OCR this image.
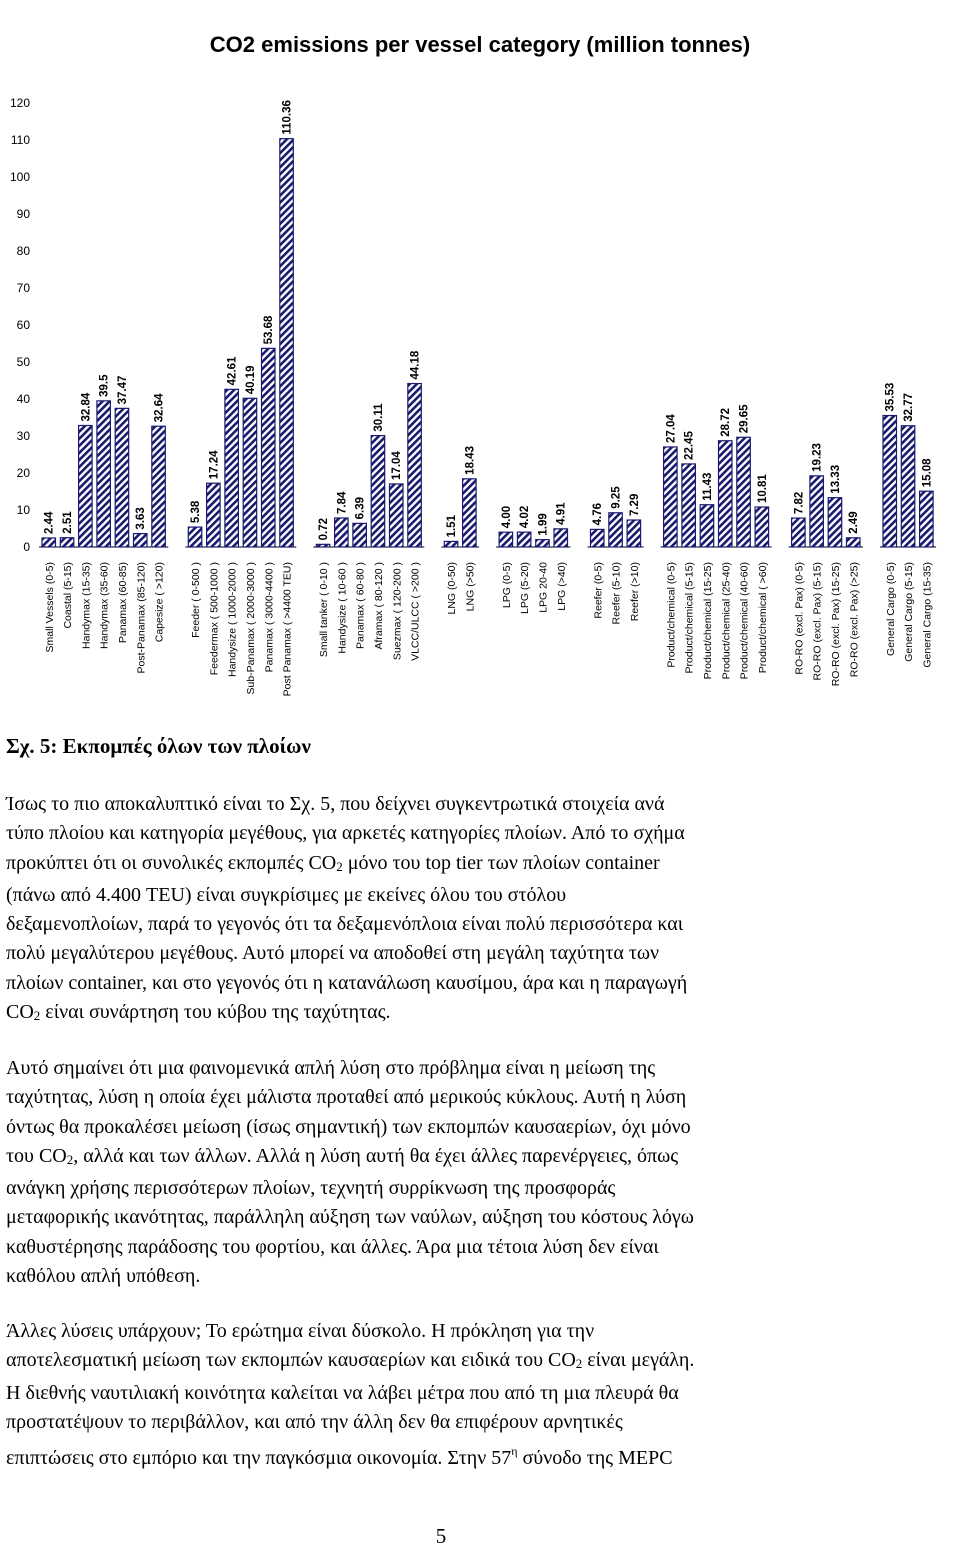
CO2 emissions per vessel category (million tonnes)
0
10
20
30
40
50
60
70
80
90
100
110
120
2.44 2.51
32.84
39.5 37.47
3.63
32.64
5.38
17.24
42.61 40.19
53.68
110.36
0.72
7.84 6.39
30.11
17.04
44.18
1.51
18.43
4.00 4.02 1.99 4.91 4.76
9.25 7.29
27.04
22.45
11.43
28.72 29.65
10.81 7.82
19.23
13.33
2.49
35.53 32.77
15.08
Small Vessels (0-5) Coastal (5-15) Handymax (15-35) Handymax (35-60) Panamax (60-85) Post-Panamax (85-120) Capesize ( >120) Feeder ( 0-500 ) Feedermax ( 500-1000 ) Handysize ( 1000-2000 ) Sub-Panamax ( 2000-3000 ) Panamax ( 3000-4400 ) Post Panamax ( >4400 TEU) Small tanker ( 0-10 ) Handysize ( 10-60 ) Panamax ( 60-80 ) Aframax ( 80-120 ) Suezmax ( 120-200 ) VLCC/ULCC ( >200 ) LNG (0-50) LNG (>50) LPG (0-5) LPG (5-20) LPG 20-40 LPG (>40) Reefer (0-5) Reefer (5-10) Reefer (>10) Product/chemical (0-5) Product/chemical (5-15) Product/chemical (15-25) Product/chemical (25-40) Product/chemical (40-60) Product/chemical ( >60) RO-RO (excl. Pax) (0-5) RO-RO (excl. Pax) (5-15) RO-RO (excl. Pax) (15-25) RO-RO (excl. Pax) (>25) General Cargo (0-5) General Cargo (5-15) General Cargo (15-35)
Σχ. 5: Εκπομπές όλων των πλοίων

Ίσως το πιο αποκαλυπτικό είναι το Σχ. 5, που δείχνει συγκεντρωτικά στοιχεία ανά

τύπο πλοίου και κατηγορία μεγέθους, για αρκετές κατηγορίες πλοίων. Από το σχήμα

προκύπτει ότι οι συνολικές εκπομπές $CO_2$ μόνο του top tier των πλοίων container

(πάνω από 4.400 TEU) είναι συγκρίσιμες με εκείνες όλου του στόλου

δεξαμενοπλοίων, παρά το γεγονός ότι τα δεξαμενόπλοια είναι πολύ περισσότερα και

πολύ μεγαλύτερου μεγέθους. Αυτό μπορεί να αποδοθεί στη μεγάλη ταχύτητα των

πλοίων container, και στο γεγονός ότι η κατανάλωση καυσίμου, άρα και η παραγωγή

$CO_2$ είναι συνάρτηση του κύβου της ταχύτητας.

Αυτό σημαίνει ότι μια φαινομενικά απλή λύση στο πρόβλημα είναι η μείωση της

ταχύτητας, λύση η οποία έχει μάλιστα προταθεί από μερικούς κύκλους. Αυτή η λύση

όντως θα προκαλέσει μείωση (ίσως σημαντική) των εκπομπών καυσαερίων, όχι μόνο

του $CO_2$, αλλά και των άλλων. Αλλά η λύση αυτή θα έχει άλλες παρενέργειες, όπως

ανάγκη χρήσης περισσότερων πλοίων, τεχνητή συρρίκνωση της προσφοράς

μεταφορικής ικανότητας, παράλληλη αύξηση των ναύλων, αύξηση του κόστους λόγω

καθυστέρησης παράδοσης του φορτίου, και άλλες. Άρα μια τέτοια λύση δεν είναι

καθόλου απλή υπόθεση.

Άλλες λύσεις υπάρχουν; Το ερώτημα είναι δύσκολο. Η πρόκληση για την

αποτελεσματική μείωση των εκπομπών καυσαερίων και ειδικά του $CO_2$ είναι μεγάλη.

Η διεθνής ναυτιλιακή κοινότητα καλείται να λάβει μέτρα που από τη μια πλευρά θα

προστατέψουν το περιβάλλον, και από την άλλη δεν θα επιφέρουν αρνητικές

επιπτώσεις στο εμπόριο και την παγκόσμια οικονομία. Στην $57^\eta$ σύνοδο της MEPC

5
